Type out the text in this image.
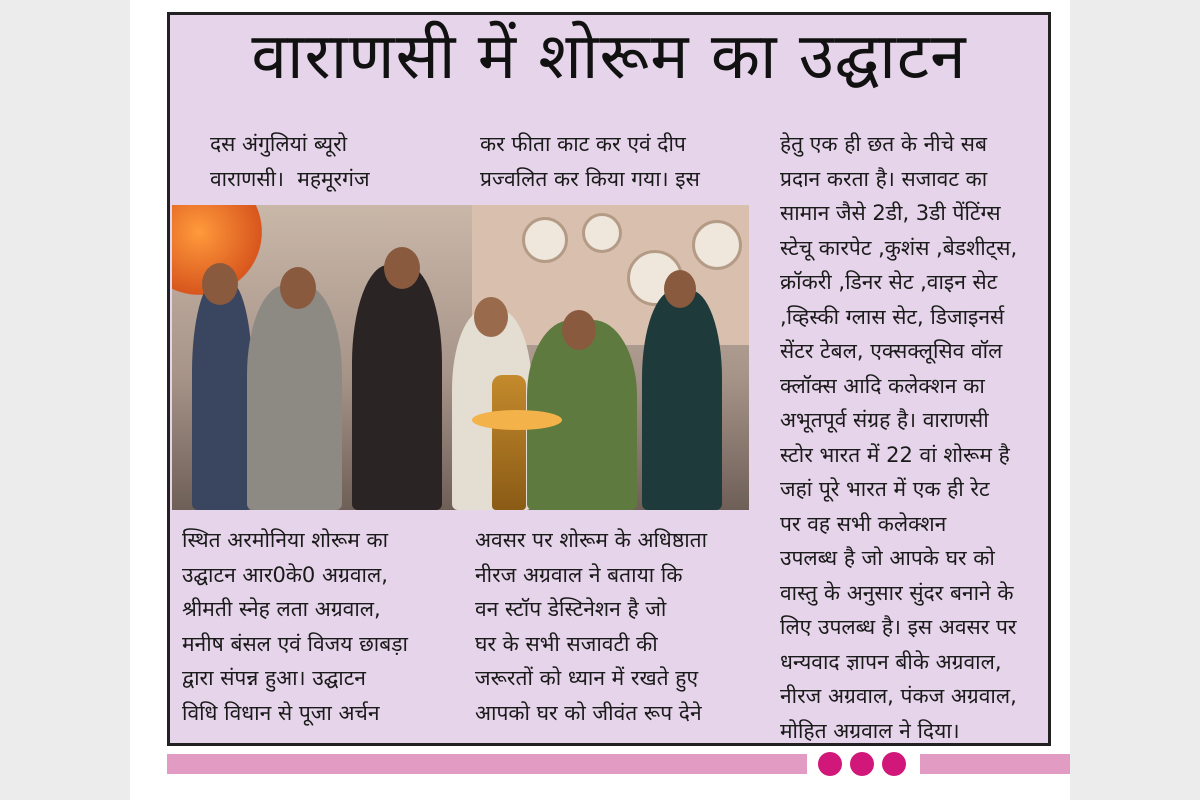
वाराणसी में शोरूम का उद्घाटन
दस अंगुलियां ब्यूरो
वाराणसी।  महमूरगंज
कर फीता काट कर एवं दीप
प्रज्वलित कर किया गया। इस
हेतु एक ही छत के नीचे सब
प्रदान करता है। सजावट का
सामान जैसे 2डी, 3डी पेंटिंग्स
स्टेचू कारपेट ,कुशंस ,बेडशीट्स,
क्रॉकरी ,डिनर सेट ,वाइन सेट
,व्हिस्की ग्लास सेट, डिजाइनर्स
सेंटर टेबल, एक्सक्लूसिव वॉल
क्लॉक्स आदि कलेक्शन का
अभूतपूर्व संग्रह है। वाराणसी
स्टोर भारत में 22 वां शोरूम है
जहां पूरे भारत में एक ही रेट
पर वह सभी कलेक्शन
उपलब्ध है जो आपके घर को
वास्तु के अनुसार सुंदर बनाने के
लिए उपलब्ध है। इस अवसर पर
धन्यवाद ज्ञापन बीके अग्रवाल,
नीरज अग्रवाल, पंकज अग्रवाल,
मोहित अग्रवाल ने दिया।
स्थित अरमोनिया शोरूम का
उद्घाटन आर0के0 अग्रवाल,
श्रीमती स्नेह लता अग्रवाल,
मनीष बंसल एवं विजय छाबड़ा
द्वारा संपन्न हुआ। उद्घाटन
विधि विधान से पूजा अर्चन
अवसर पर शोरूम के अधिष्ठाता
नीरज अग्रवाल ने बताया कि
वन स्टॉप डेस्टिनेशन है जो
घर के सभी सजावटी की
जरूरतों को ध्यान में रखते हुए
आपको घर को जीवंत रूप देने
